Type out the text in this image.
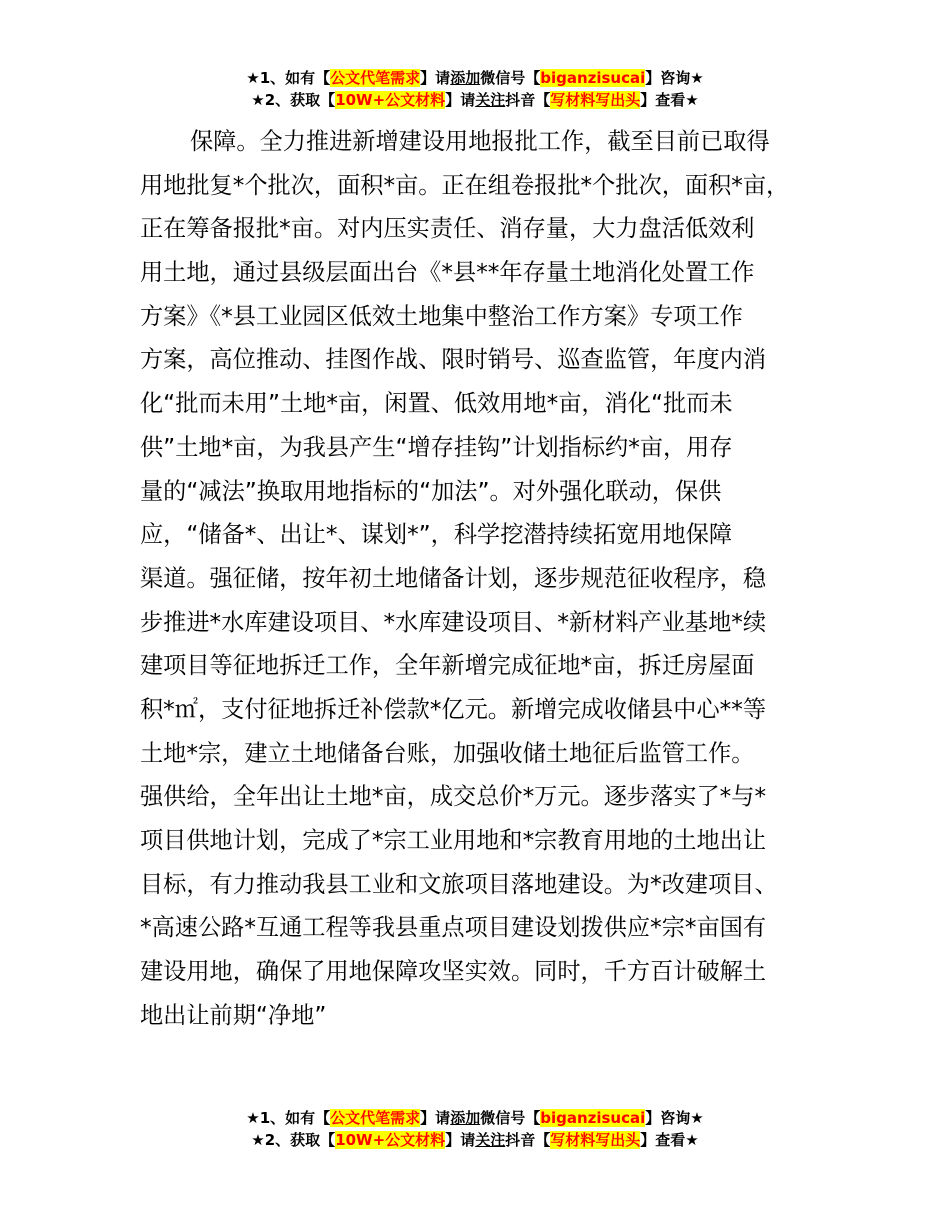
★1、如有【公文代笔需求】请添加微信号【biganzisucai】咨询★
★2、获取【10W+公文材料】请关注抖音【写材料写出头】查看★
保障。全力推进新增建设用地报批工作，截至目前已取得
用地批复*个批次，面积*亩。正在组卷报批*个批次，面积*亩，
正在筹备报批*亩。对内压实责任、消存量，大力盘活低效利
用土地，通过县级层面出台《*县**年存量土地消化处置工作
方案》《*县工业园区低效土地集中整治工作方案》专项工作
方案，高位推动、挂图作战、限时销号、巡查监管，年度内消
化“批而未用”土地*亩，闲置、低效用地*亩，消化“批而未
供”土地*亩，为我县产生“增存挂钩”计划指标约*亩，用存
量的“减法”换取用地指标的“加法”。对外强化联动，保供
应，“储备*、出让*、谋划*”，科学挖潜持续拓宽用地保障
渠道。强征储，按年初土地储备计划，逐步规范征收程序，稳
步推进*水库建设项目、*水库建设项目、*新材料产业基地*续
建项目等征地拆迁工作，全年新增完成征地*亩，拆迁房屋面
积*㎡，支付征地拆迁补偿款*亿元。新增完成收储县中心**等
土地*宗，建立土地储备台账，加强收储土地征后监管工作。
强供给，全年出让土地*亩，成交总价*万元。逐步落实了*与*
项目供地计划，完成了*宗工业用地和*宗教育用地的土地出让
目标，有力推动我县工业和文旅项目落地建设。为*改建项目、
*高速公路*互通工程等我县重点项目建设划拨供应*宗*亩国有
建设用地，确保了用地保障攻坚实效。同时，千方百计破解土
地出让前期“净地”
★1、如有【公文代笔需求】请添加微信号【biganzisucai】咨询★
★2、获取【10W+公文材料】请关注抖音【写材料写出头】查看★
